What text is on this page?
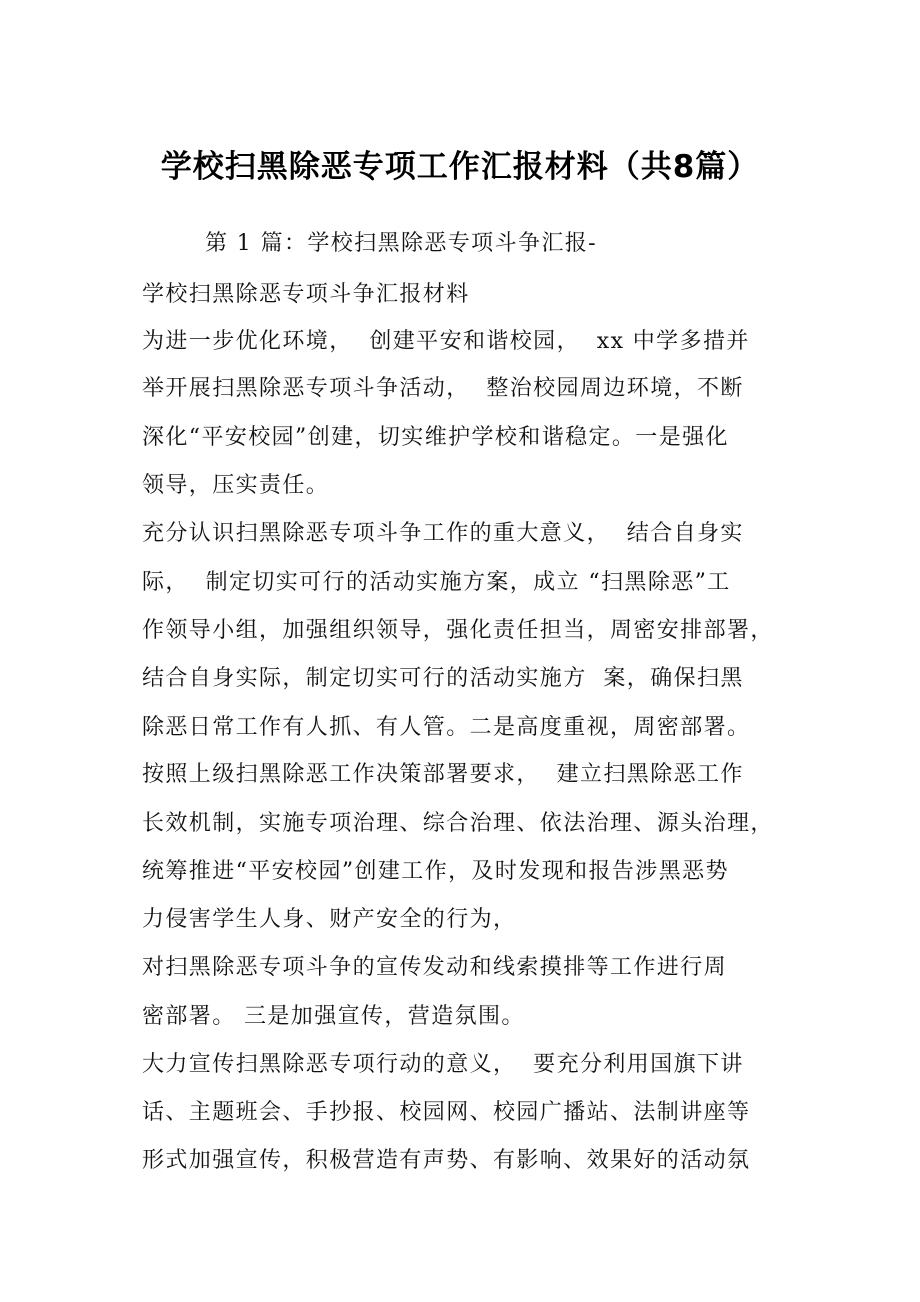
学校扫黑除恶专项工作汇报材料（共8篇）
第 1 篇：学校扫黑除恶专项斗争汇报-
学校扫黑除恶专项斗争汇报材料
为进一步优化环境，  创建平安和谐校园，  xx 中学多措并
举开展扫黑除恶专项斗争活动，  整治校园周边环境，不断
深化“平安校园”创建，切实维护学校和谐稳定。一是强化
领导，压实责任。
充分认识扫黑除恶专项斗争工作的重大意义，  结合自身实
际，  制定切实可行的活动实施方案，成立 “扫黑除恶”工
作领导小组，加强组织领导，强化责任担当，周密安排部署，
结合自身实际，制定切实可行的活动实施方  案，确保扫黑
除恶日常工作有人抓、有人管。二是高度重视，周密部署。
按照上级扫黑除恶工作决策部署要求，  建立扫黑除恶工作
长效机制，实施专项治理、综合治理、依法治理、源头治理，
统筹推进“平安校园”创建工作，及时发现和报告涉黑恶势
力侵害学生人身、财产安全的行为，
对扫黑除恶专项斗争的宣传发动和线索摸排等工作进行周
密部署。 三是加强宣传，营造氛围。
大力宣传扫黑除恶专项行动的意义，  要充分利用国旗下讲
话、主题班会、手抄报、校园网、校园广播站、法制讲座等
形式加强宣传，积极营造有声势、有影响、效果好的活动氛
